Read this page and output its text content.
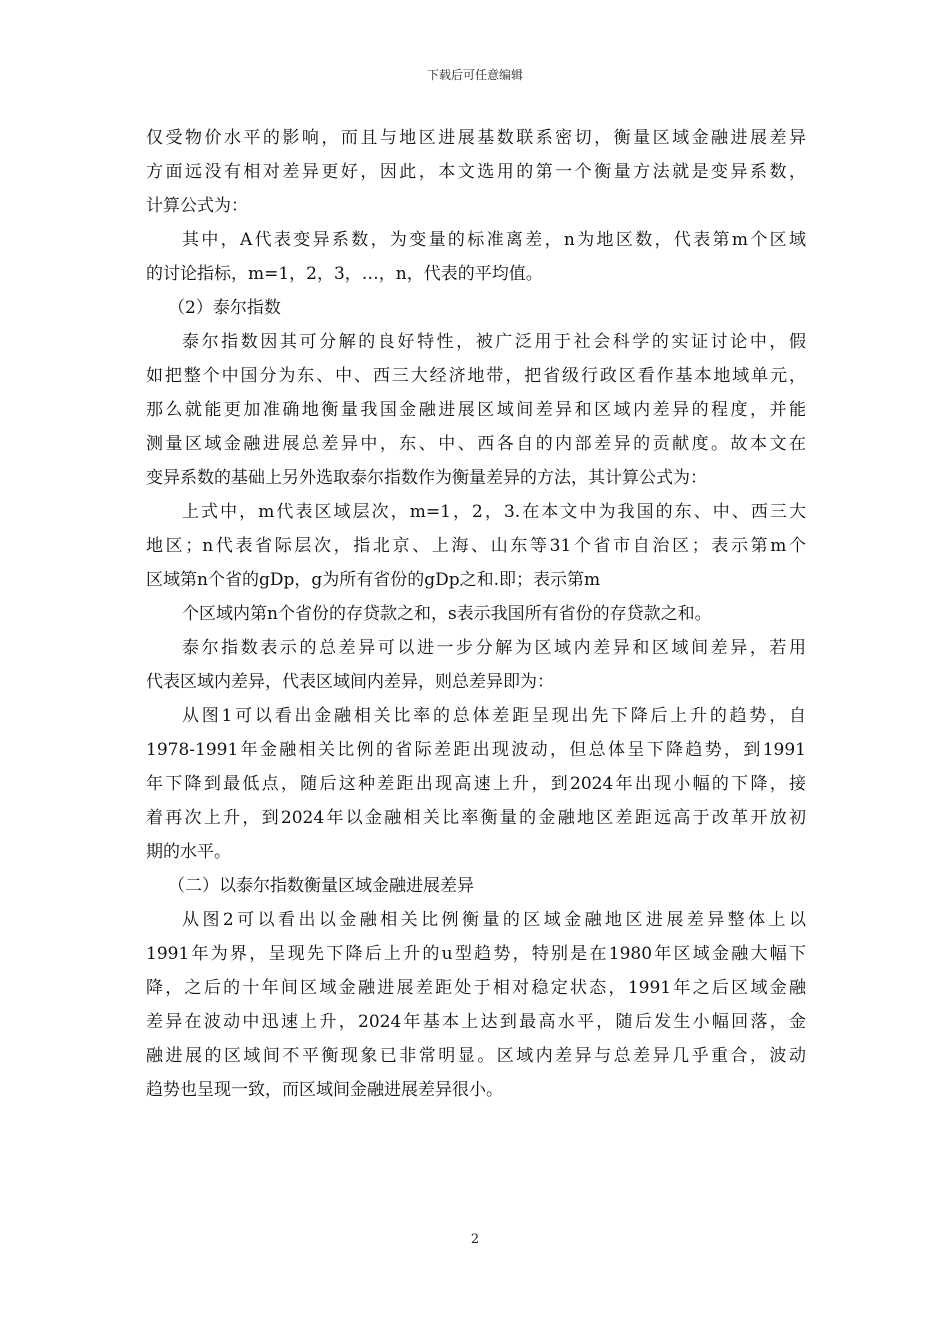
下载后可任意编辑
仅受物价水平的影响，而且与地区进展基数联系密切，衡量区域金融进展差异
方面远没有相对差异更好，因此，本文选用的第一个衡量方法就是变异系数，
计算公式为：
其中，A代表变异系数，为变量的标准离差，n为地区数，代表第m个区域
的讨论指标，m=1，2，3，…，n，代表的平均值。
（2）泰尔指数
泰尔指数因其可分解的良好特性，被广泛用于社会科学的实证讨论中，假
如把整个中国分为东、中、西三大经济地带，把省级行政区看作基本地域单元，
那么就能更加准确地衡量我国金融进展区域间差异和区域内差异的程度，并能
测量区域金融进展总差异中，东、中、西各自的内部差异的贡献度。故本文在
变异系数的基础上另外选取泰尔指数作为衡量差异的方法，其计算公式为：
上式中，m代表区域层次，m=1，2，3.在本文中为我国的东、中、西三大
地区；n代表省际层次，指北京、上海、山东等31个省市自治区；表示第m个
区域第n个省的gDp，g为所有省份的gDp之和.即；表示第m
个区域内第n个省份的存贷款之和，s表示我国所有省份的存贷款之和。
泰尔指数表示的总差异可以进一步分解为区域内差异和区域间差异，若用
代表区域内差异，代表区域间内差异，则总差异即为：
从图1可以看出金融相关比率的总体差距呈现出先下降后上升的趋势，自
1978-1991年金融相关比例的省际差距出现波动，但总体呈下降趋势，到1991
年下降到最低点，随后这种差距出现高速上升，到2024年出现小幅的下降，接
着再次上升，到2024年以金融相关比率衡量的金融地区差距远高于改革开放初
期的水平。
（二）以泰尔指数衡量区域金融进展差异
从图2可以看出以金融相关比例衡量的区域金融地区进展差异整体上以
1991年为界，呈现先下降后上升的u型趋势，特别是在1980年区域金融大幅下
降，之后的十年间区域金融进展差距处于相对稳定状态，1991年之后区域金融
差异在波动中迅速上升，2024年基本上达到最高水平，随后发生小幅回落，金
融进展的区域间不平衡现象已非常明显。区域内差异与总差异几乎重合，波动
趋势也呈现一致，而区域间金融进展差异很小。
2
